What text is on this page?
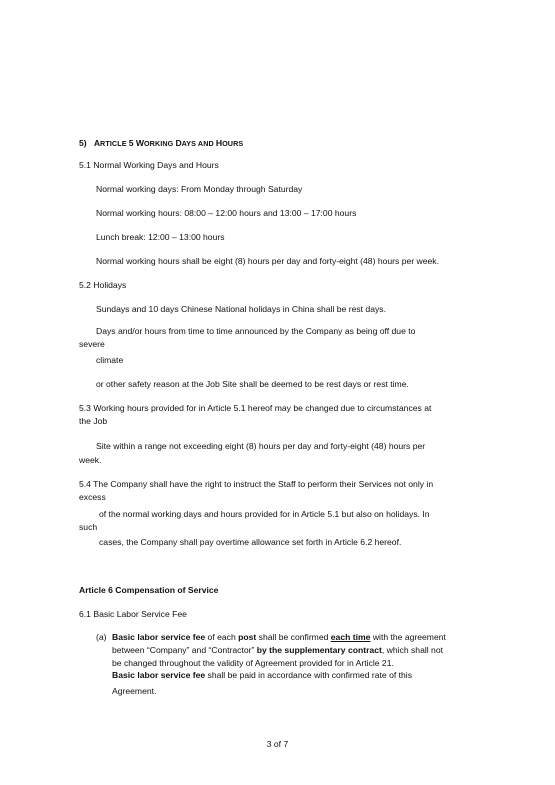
5) ARTICLE 5 WORKING DAYS AND HOURS
5.1 Normal Working Days and Hours
Normal working days: From Monday through Saturday
Normal working hours: 08:00 – 12:00 hours and 13:00 – 17:00 hours
Lunch break: 12:00 – 13:00 hours
Normal working hours shall be eight (8) hours per day and forty-eight (48) hours per week.
5.2 Holidays
Sundays and 10 days Chinese National holidays in China shall be rest days.
Days and/or hours from time to time announced by the Company as being off due to
severe
climate
or other safety reason at the Job Site shall be deemed to be rest days or rest time.
5.3 Working hours provided for in Article 5.1 hereof may be changed due to circumstances at
the Job
Site within a range not exceeding eight (8) hours per day and forty-eight (48) hours per
week.
5.4 The Company shall have the right to instruct the Staff to perform their Services not only in
excess
of the normal working days and hours provided for in Article 5.1 but also on holidays. In
such
cases, the Company shall pay overtime allowance set forth in Article 6.2 hereof.
Article 6 Compensation of Service
6.1 Basic Labor Service Fee
(a) Basic labor service fee of each post shall be confirmed each time with the agreement
between “Company” and “Contractor” by the supplementary contract, which shall not
be changed throughout the validity of Agreement provided for in Article 21.
Basic labor service fee shall be paid in accordance with confirmed rate of this
Agreement.
3 of 7
